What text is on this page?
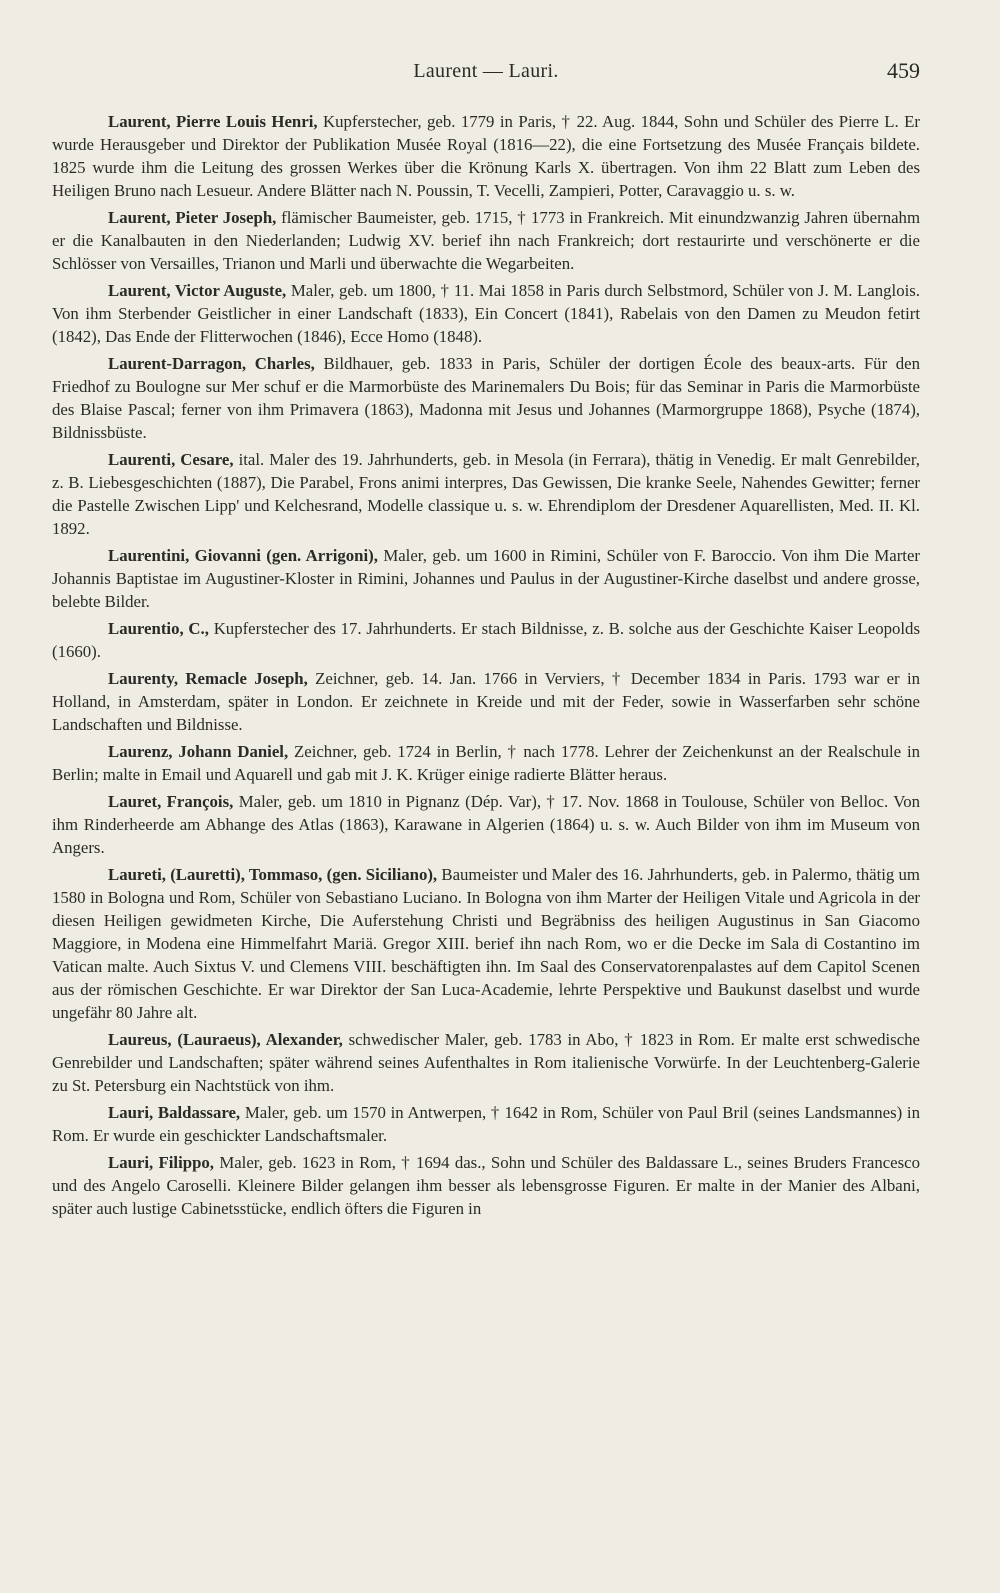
Laurent — Lauri.	459

Laurent, Pierre Louis Henri, Kupferstecher, geb. 1779 in Paris, † 22. Aug. 1844, Sohn und Schüler des Pierre L. Er wurde Herausgeber und Direktor der Publikation Musée Royal (1816—22), die eine Fortsetzung des Musée Français bildete. 1825 wurde ihm die Leitung des grossen Werkes über die Krönung Karls X. übertragen. Von ihm 22 Blatt zum Leben des Heiligen Bruno nach Lesueur. Andere Blätter nach N. Poussin, T. Vecelli, Zampieri, Potter, Caravaggio u. s. w.

Laurent, Pieter Joseph, flämischer Baumeister, geb. 1715, † 1773 in Frankreich. Mit einundzwanzig Jahren übernahm er die Kanalbauten in den Niederlanden; Ludwig XV. berief ihn nach Frankreich; dort restaurirte und verschönerte er die Schlösser von Versailles, Trianon und Marli und überwachte die Wegarbeiten.

Laurent, Victor Auguste, Maler, geb. um 1800, † 11. Mai 1858 in Paris durch Selbstmord, Schüler von J. M. Langlois. Von ihm Sterbender Geistlicher in einer Landschaft (1833), Ein Concert (1841), Rabelais von den Damen zu Meudon fetirt (1842), Das Ende der Flitterwochen (1846), Ecce Homo (1848).

Laurent-Darragon, Charles, Bildhauer, geb. 1833 in Paris, Schüler der dortigen École des beaux-arts. Für den Friedhof zu Boulogne sur Mer schuf er die Marmorbüste des Marinemalers Du Bois; für das Seminar in Paris die Marmorbüste des Blaise Pascal; ferner von ihm Primavera (1863), Madonna mit Jesus und Johannes (Marmorgruppe 1868), Psyche (1874), Bildnissbüste.

Laurenti, Cesare, ital. Maler des 19. Jahrhunderts, geb. in Mesola (in Ferrara), thätig in Venedig. Er malt Genrebilder, z. B. Liebesgeschichten (1887), Die Parabel, Frons animi interpres, Das Gewissen, Die kranke Seele, Nahendes Gewitter; ferner die Pastelle Zwischen Lipp' und Kelchesrand, Modelle classique u. s. w. Ehrendiplom der Dresdener Aquarellisten, Med. II. Kl. 1892.

Laurentini, Giovanni (gen. Arrigoni), Maler, geb. um 1600 in Rimini, Schüler von F. Baroccio. Von ihm Die Marter Johannis Baptistae im Augustiner-Kloster in Rimini, Johannes und Paulus in der Augustiner-Kirche daselbst und andere grosse, belebte Bilder.

Laurentio, C., Kupferstecher des 17. Jahrhunderts. Er stach Bildnisse, z. B. solche aus der Geschichte Kaiser Leopolds (1660).

Laurenty, Remacle Joseph, Zeichner, geb. 14. Jan. 1766 in Verviers, † December 1834 in Paris. 1793 war er in Holland, in Amsterdam, später in London. Er zeichnete in Kreide und mit der Feder, sowie in Wasserfarben sehr schöne Landschaften und Bildnisse.

Laurenz, Johann Daniel, Zeichner, geb. 1724 in Berlin, † nach 1778. Lehrer der Zeichenkunst an der Realschule in Berlin; malte in Email und Aquarell und gab mit J. K. Krüger einige radierte Blätter heraus.

Lauret, François, Maler, geb. um 1810 in Pignanz (Dép. Var), † 17. Nov. 1868 in Toulouse, Schüler von Belloc. Von ihm Rinderheerde am Abhange des Atlas (1863), Karawane in Algerien (1864) u. s. w. Auch Bilder von ihm im Museum von Angers.

Laureti, (Lauretti), Tommaso, (gen. Siciliano), Baumeister und Maler des 16. Jahrhunderts, geb. in Palermo, thätig um 1580 in Bologna und Rom, Schüler von Sebastiano Luciano. In Bologna von ihm Marter der Heiligen Vitale und Agricola in der diesen Heiligen gewidmeten Kirche, Die Auferstehung Christi und Begräbniss des heiligen Augustinus in San Giacomo Maggiore, in Modena eine Himmelfahrt Mariä. Gregor XIII. berief ihn nach Rom, wo er die Decke im Sala di Costantino im Vatican malte. Auch Sixtus V. und Clemens VIII. beschäftigten ihn. Im Saal des Conservatorenpalastes auf dem Capitol Scenen aus der römischen Geschichte. Er war Direktor der San Luca-Academie, lehrte Perspektive und Baukunst daselbst und wurde ungefähr 80 Jahre alt.

Laureus, (Lauraeus), Alexander, schwedischer Maler, geb. 1783 in Abo, † 1823 in Rom. Er malte erst schwedische Genrebilder und Landschaften; später während seines Aufenthaltes in Rom italienische Vorwürfe. In der Leuchtenberg-Galerie zu St. Petersburg ein Nachtstück von ihm.

Lauri, Baldassare, Maler, geb. um 1570 in Antwerpen, † 1642 in Rom, Schüler von Paul Bril (seines Landsmannes) in Rom. Er wurde ein geschickter Landschaftsmaler.

Lauri, Filippo, Maler, geb. 1623 in Rom, † 1694 das., Sohn und Schüler des Baldassare L., seines Bruders Francesco und des Angelo Caroselli. Kleinere Bilder gelangen ihm besser als lebensgrosse Figuren. Er malte in der Manier des Albani, später auch lustige Cabinetsstücke, endlich öfters die Figuren in
